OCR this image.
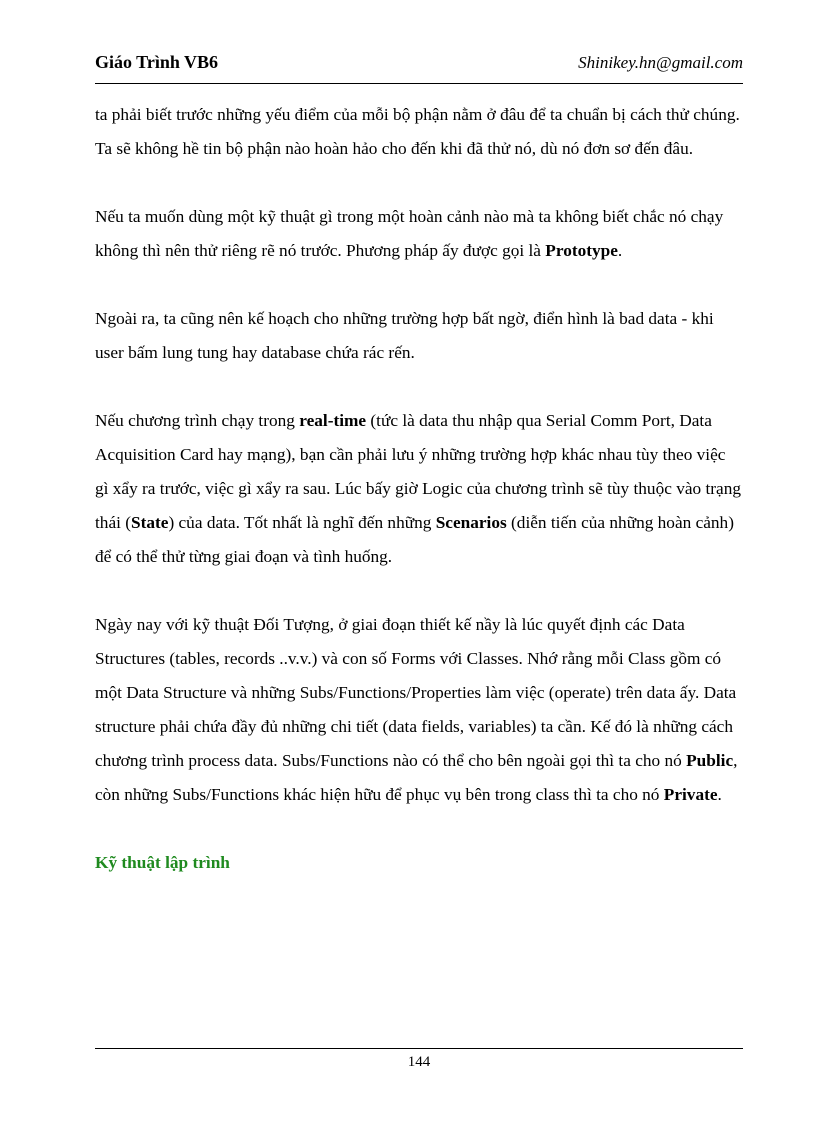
Giáo Trình VB6	Shinikey.hn@gmail.com

ta phải biết trước những yếu điểm của mỗi bộ phận nằm ở đâu để ta chuẩn bị cách thử chúng. Ta sẽ không hề tin bộ phận nào hoàn hảo cho đến khi đã thử nó, dù nó đơn sơ đến đâu.

Nếu ta muốn dùng một kỹ thuật gì trong một hoàn cảnh nào mà ta không biết chắc nó chạy không thì nên thử riêng rẽ nó trước. Phương pháp ấy được gọi là Prototype.

Ngoài ra, ta cũng nên kế hoạch cho những trường hợp bất ngờ, điển hình là bad data - khi user bấm lung tung hay database chứa rác rến.

Nếu chương trình chạy trong real-time (tức là data thu nhập qua Serial Comm Port, Data Acquisition Card hay mạng), bạn cần phải lưu ý những trường hợp khác nhau tùy theo việc gì xẩy ra trước, việc gì xẩy ra sau. Lúc bấy giờ Logic của chương trình sẽ tùy thuộc vào trạng thái (State) của data. Tốt nhất là nghĩ đến những Scenarios (diễn tiến của những hoàn cảnh) để có thể thử từng giai đoạn và tình huống.

Ngày nay với kỹ thuật Đối Tượng, ở giai đoạn thiết kế nầy là lúc quyết định các Data Structures (tables, records ..v.v.) và con số Forms với Classes. Nhớ rằng mỗi Class gồm có một Data Structure và những Subs/Functions/Properties làm việc (operate) trên data ấy. Data structure phải chứa đầy đủ những chi tiết (data fields, variables) ta cần. Kế đó là những cách chương trình process data. Subs/Functions nào có thể cho bên ngoài gọi thì ta cho nó Public, còn những Subs/Functions khác hiện hữu để phục vụ bên trong class thì ta cho nó Private.

Kỹ thuật lập trình
144
